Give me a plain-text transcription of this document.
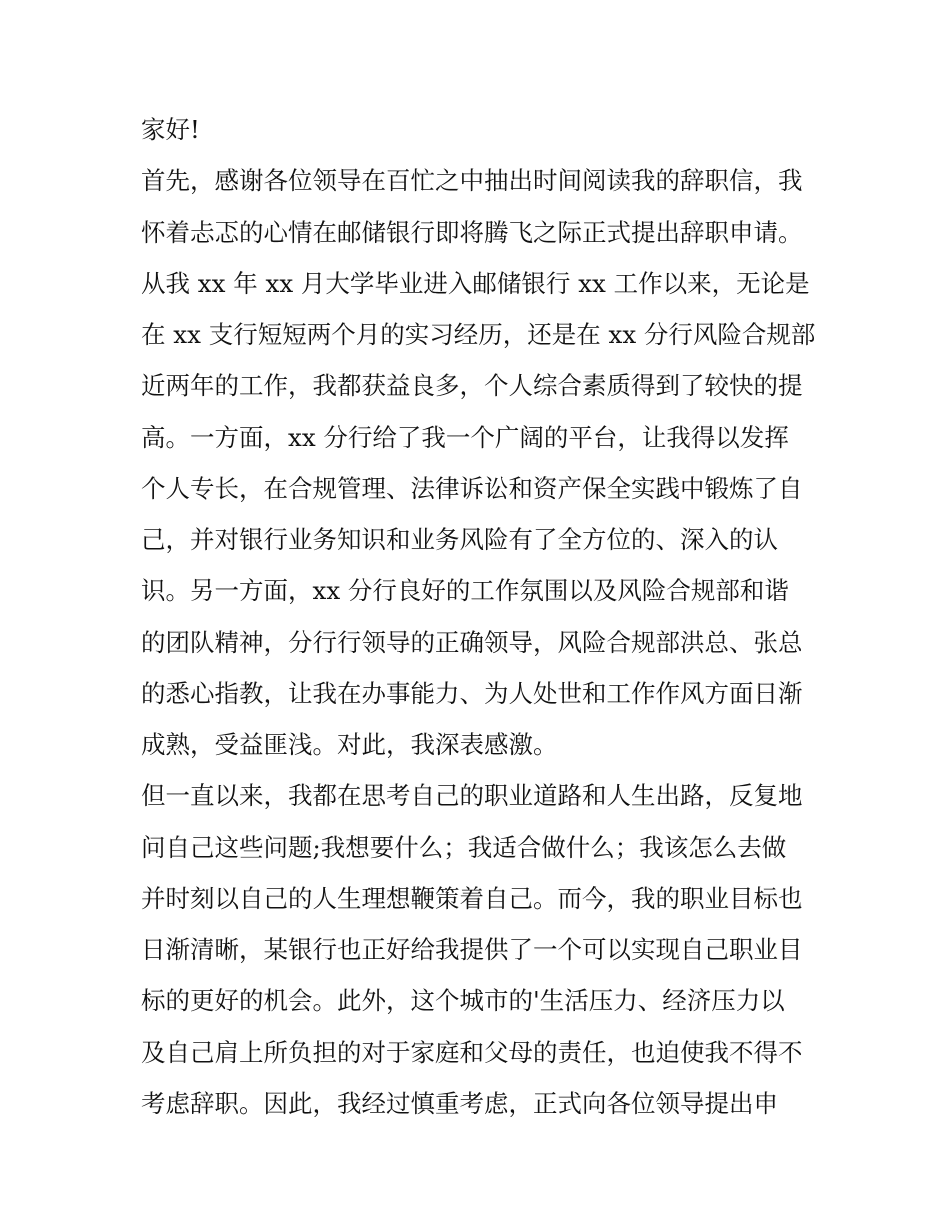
家好!
首先，感谢各位领导在百忙之中抽出时间阅读我的辞职信，我
怀着忐忑的心情在邮储银行即将腾飞之际正式提出辞职申请。
从我 xx 年 xx 月大学毕业进入邮储银行 xx 工作以来，无论是
在 xx 支行短短两个月的实习经历，还是在 xx 分行风险合规部
近两年的工作，我都获益良多，个人综合素质得到了较快的提
高。一方面，xx 分行给了我一个广阔的平台，让我得以发挥
个人专长，在合规管理、法律诉讼和资产保全实践中锻炼了自
己，并对银行业务知识和业务风险有了全方位的、深入的认
识。另一方面，xx 分行良好的工作氛围以及风险合规部和谐
的团队精神，分行行领导的正确领导，风险合规部洪总、张总
的悉心指教，让我在办事能力、为人处世和工作作风方面日渐
成熟，受益匪浅。对此，我深表感激。
但一直以来，我都在思考自己的职业道路和人生出路，反复地
问自己这些问题;我想要什么；我适合做什么；我该怎么去做
并时刻以自己的人生理想鞭策着自己。而今，我的职业目标也
日渐清晰，某银行也正好给我提供了一个可以实现自己职业目
标的更好的机会。此外，这个城市的'生活压力、经济压力以
及自己肩上所负担的对于家庭和父母的责任，也迫使我不得不
考虑辞职。因此，我经过慎重考虑，正式向各位领导提出申
